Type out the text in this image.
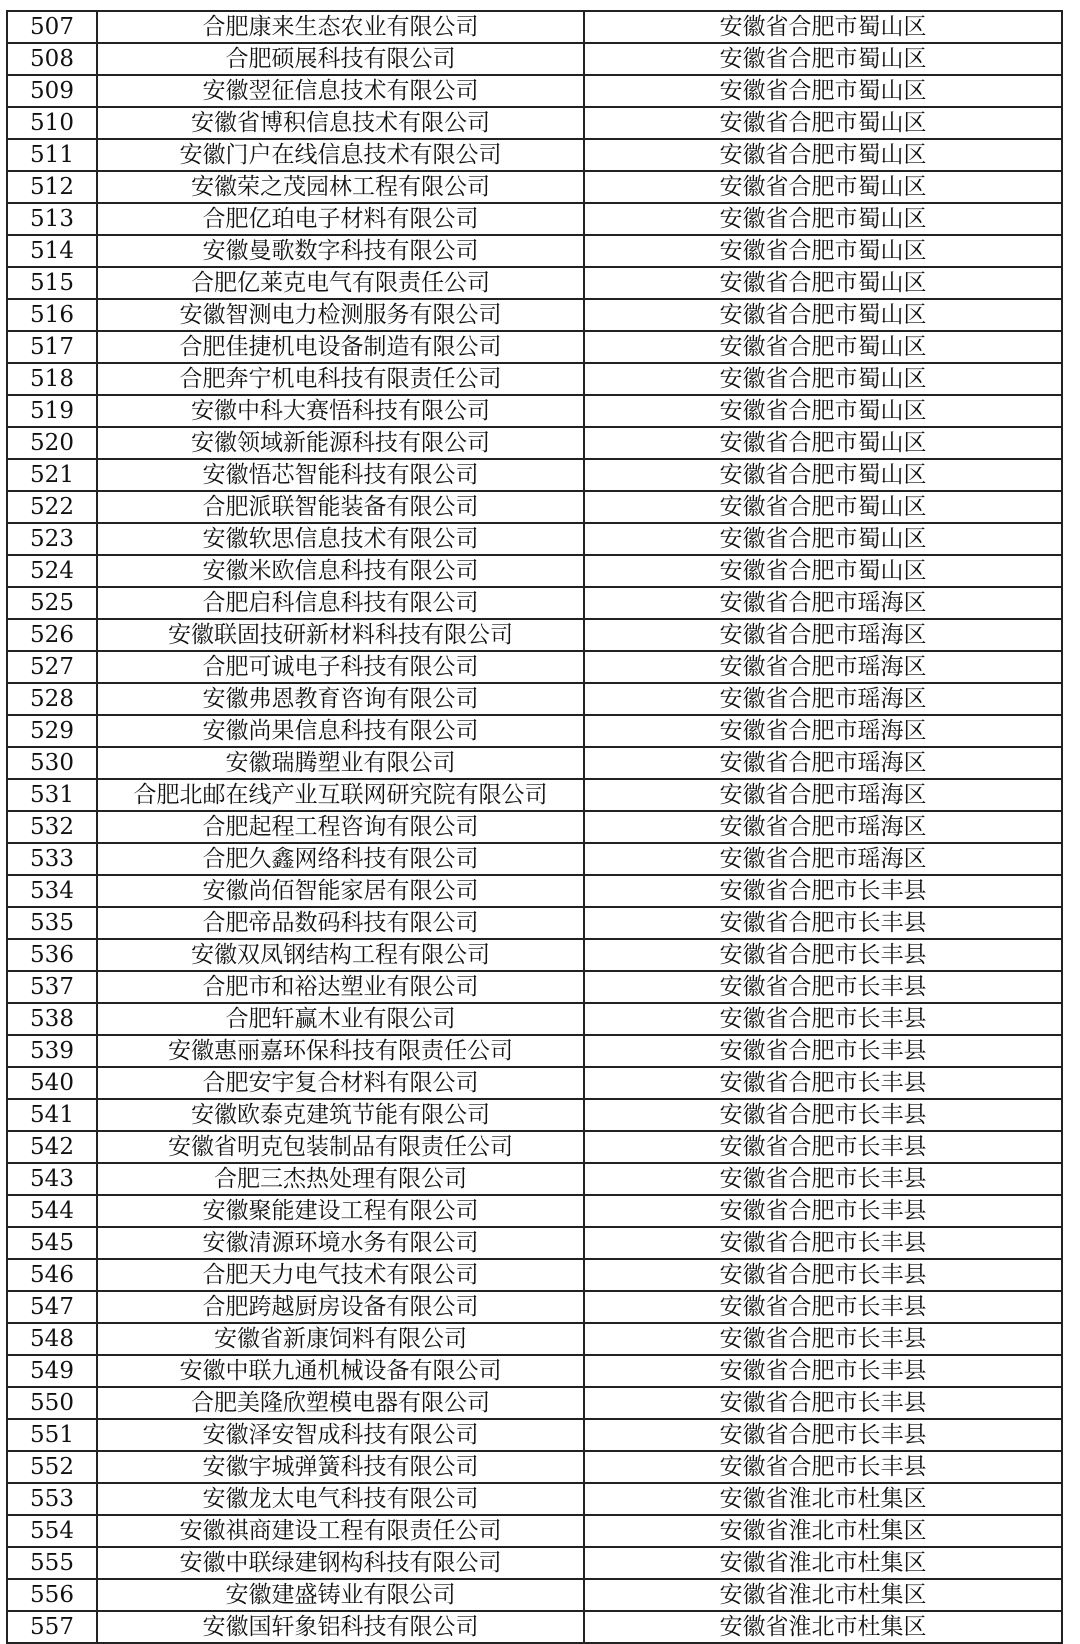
507	合肥康来生态农业有限公司	安徽省合肥市蜀山区
508	合肥硕展科技有限公司	安徽省合肥市蜀山区
509	安徽翌征信息技术有限公司	安徽省合肥市蜀山区
510	安徽省博积信息技术有限公司	安徽省合肥市蜀山区
511	安徽门户在线信息技术有限公司	安徽省合肥市蜀山区
512	安徽荣之茂园林工程有限公司	安徽省合肥市蜀山区
513	合肥亿珀电子材料有限公司	安徽省合肥市蜀山区
514	安徽曼歌数字科技有限公司	安徽省合肥市蜀山区
515	合肥亿莱克电气有限责任公司	安徽省合肥市蜀山区
516	安徽智测电力检测服务有限公司	安徽省合肥市蜀山区
517	合肥佳捷机电设备制造有限公司	安徽省合肥市蜀山区
518	合肥奔宁机电科技有限责任公司	安徽省合肥市蜀山区
519	安徽中科大赛悟科技有限公司	安徽省合肥市蜀山区
520	安徽领域新能源科技有限公司	安徽省合肥市蜀山区
521	安徽悟芯智能科技有限公司	安徽省合肥市蜀山区
522	合肥派联智能装备有限公司	安徽省合肥市蜀山区
523	安徽软思信息技术有限公司	安徽省合肥市蜀山区
524	安徽米欧信息科技有限公司	安徽省合肥市蜀山区
525	合肥启科信息科技有限公司	安徽省合肥市瑶海区
526	安徽联固技研新材料科技有限公司	安徽省合肥市瑶海区
527	合肥可诚电子科技有限公司	安徽省合肥市瑶海区
528	安徽弗恩教育咨询有限公司	安徽省合肥市瑶海区
529	安徽尚果信息科技有限公司	安徽省合肥市瑶海区
530	安徽瑞腾塑业有限公司	安徽省合肥市瑶海区
531	合肥北邮在线产业互联网研究院有限公司	安徽省合肥市瑶海区
532	合肥起程工程咨询有限公司	安徽省合肥市瑶海区
533	合肥久鑫网络科技有限公司	安徽省合肥市瑶海区
534	安徽尚佰智能家居有限公司	安徽省合肥市长丰县
535	合肥帝品数码科技有限公司	安徽省合肥市长丰县
536	安徽双凤钢结构工程有限公司	安徽省合肥市长丰县
537	合肥市和裕达塑业有限公司	安徽省合肥市长丰县
538	合肥轩赢木业有限公司	安徽省合肥市长丰县
539	安徽惠丽嘉环保科技有限责任公司	安徽省合肥市长丰县
540	合肥安宇复合材料有限公司	安徽省合肥市长丰县
541	安徽欧泰克建筑节能有限公司	安徽省合肥市长丰县
542	安徽省明克包装制品有限责任公司	安徽省合肥市长丰县
543	合肥三杰热处理有限公司	安徽省合肥市长丰县
544	安徽聚能建设工程有限公司	安徽省合肥市长丰县
545	安徽清源环境水务有限公司	安徽省合肥市长丰县
546	合肥天力电气技术有限公司	安徽省合肥市长丰县
547	合肥跨越厨房设备有限公司	安徽省合肥市长丰县
548	安徽省新康饲料有限公司	安徽省合肥市长丰县
549	安徽中联九通机械设备有限公司	安徽省合肥市长丰县
550	合肥美隆欣塑模电器有限公司	安徽省合肥市长丰县
551	安徽泽安智成科技有限公司	安徽省合肥市长丰县
552	安徽宇城弹簧科技有限公司	安徽省合肥市长丰县
553	安徽龙太电气科技有限公司	安徽省淮北市杜集区
554	安徽祺商建设工程有限责任公司	安徽省淮北市杜集区
555	安徽中联绿建钢构科技有限公司	安徽省淮北市杜集区
556	安徽建盛铸业有限公司	安徽省淮北市杜集区
557	安徽国轩象铝科技有限公司	安徽省淮北市杜集区
